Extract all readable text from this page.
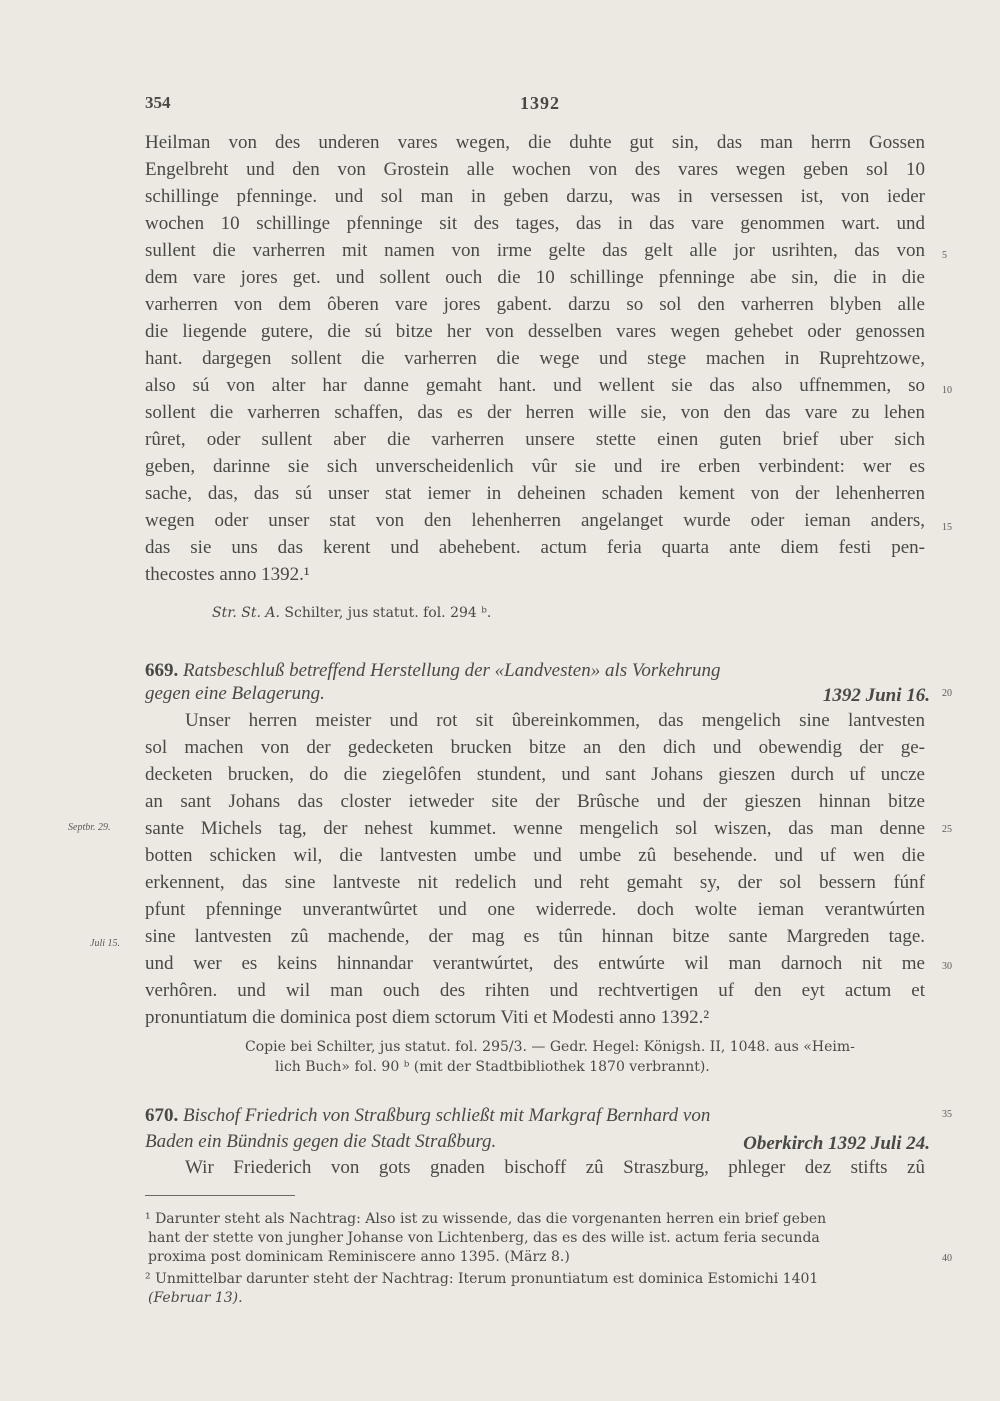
354	1392
Heilman von des underen vares wegen, die duhte gut sin, das man herrn Gossen
Engelbreht und den von Grostein alle wochen von des vares wegen geben sol 10
schillinge pfenninge. und sol man in geben darzu, was in versessen ist, von ieder
wochen 10 schillinge pfenninge sit des tages, das in das vare genommen wart. und
sullent die varherren mit namen von irme gelte das gelt alle jor usrihten, das von
dem vare jores get. und sollent ouch die 10 schillinge pfenninge abe sin, die in die
varherren von dem ôberen vare jores gabent. darzu so sol den varherren blyben alle
die liegende gutere, die sú bitze her von desselben vares wegen gehebet oder genossen
hant. dargegen sollent die varherren die wege und stege machen in Ruprehtzowe,
also sú von alter har danne gemaht hant. und wellent sie das also uffnemmen, so
sollent die varherren schaffen, das es der herren wille sie, von den das vare zu lehen
rûret, oder sullent aber die varherren unsere stette einen guten brief uber sich
geben, darinne sie sich unverscheidenlich vûr sie und ire erben verbindent: wer es
sache, das, das sú unser stat iemer in deheinen schaden kement von der lehenherren
wegen oder unser stat von den lehenherren angelanget wurde oder ieman anders,
das sie uns das kerent und abehebent. actum feria quarta ante diem festi pen-
thecostes anno 1392.¹
Str. St. A. Schilter, jus statut. fol. 294 ᵇ.
669. Ratsbeschluß betreffend Herstellung der «Landvesten» als Vorkehrung
gegen eine Belagerung.	1392 Juni 16.
Unser herren meister und rot sit ûbereinkommen, das mengelich sine lantvesten
sol machen von der gedecketen brucken bitze an den dich und obewendig der ge-
decketen brucken, do die ziegelôfen stundent, und sant Johans gieszen durch uf uncze
an sant Johans das closter ietweder site der Brûsche und der gieszen hinnan bitze
sante Michels tag, der nehest kummet. wenne mengelich sol wiszen, das man denne
botten schicken wil, die lantvesten umbe und umbe zû besehende. und uf wen die
erkennent, das sine lantveste nit redelich und reht gemaht sy, der sol bessern fúnf
pfunt pfenninge unverantwûrtet und one widerrede. doch wolte ieman verantwúrten
sine lantvesten zû machende, der mag es tûn hinnan bitze sante Margreden tage.
und wer es keins hinnandar verantwúrtet, des entwúrte wil man darnoch nit me
verhôren. und wil man ouch des rihten und rechtvertigen uf den eyt actum et
pronuntiatum die dominica post diem sctorum Viti et Modesti anno 1392.²
Septbr. 29.
Juli 15.
Copie bei Schilter, jus statut. fol. 295/3. — Gedr. Hegel: Königsh. II, 1048. aus «Heim-
lich Buch» fol. 90 ᵇ (mit der Stadtbibliothek 1870 verbrannt).
670. Bischof Friedrich von Straßburg schließt mit Markgraf Bernhard von
Baden ein Bündnis gegen die Stadt Straßburg.	Oberkirch 1392 Juli 24.
Wir Friederich von gots gnaden bischoff zû Straszburg, phleger dez stifts zû
5
10
15
20
25
30
35
40
¹ Darunter steht als Nachtrag: Also ist zu wissende, das die vorgenanten herren ein brief geben
hant der stette von jungher Johanse von Lichtenberg, das es des wille ist. actum feria secunda
proxima post dominicam Reminiscere anno 1395. (März 8.)
² Unmittelbar darunter steht der Nachtrag: Iterum pronuntiatum est dominica Estomichi 1401
(Februar 13).
